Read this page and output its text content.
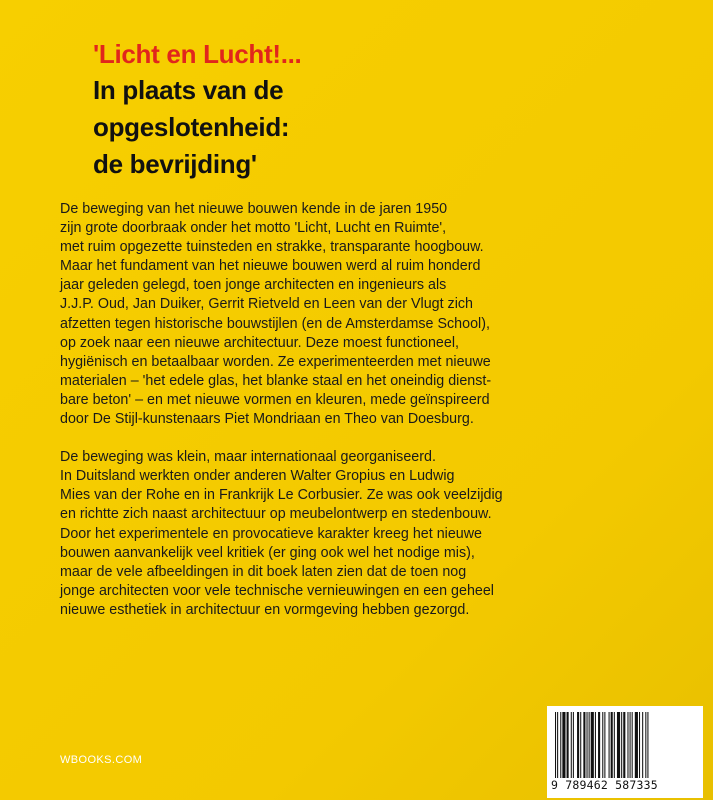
'Licht en Lucht!...
In plaats van de
opgeslotenheid:
de bevrijding'
De beweging van het nieuwe bouwen kende in de jaren 1950
zijn grote doorbraak onder het motto 'Licht, Lucht en Ruimte',
met ruim opgezette tuinsteden en strakke, transparante hoogbouw.
Maar het fundament van het nieuwe bouwen werd al ruim honderd
jaar geleden gelegd, toen jonge architecten en ingenieurs als
J.J.P. Oud, Jan Duiker, Gerrit Rietveld en Leen van der Vlugt zich
afzetten tegen historische bouwstijlen (en de Amsterdamse School),
op zoek naar een nieuwe architectuur. Deze moest functioneel,
hygiënisch en betaalbaar worden. Ze experimenteerden met nieuwe
materialen – 'het edele glas, het blanke staal en het oneindig dienst-
bare beton' – en met nieuwe vormen en kleuren, mede geïnspireerd
door De Stijl-kunstenaars Piet Mondriaan en Theo van Doesburg.
De beweging was klein, maar internationaal georganiseerd.
In Duitsland werkten onder anderen Walter Gropius en Ludwig
Mies van der Rohe en in Frankrijk Le Corbusier. Ze was ook veelzijdig
en richtte zich naast architectuur op meubelontwerp en stedenbouw.
Door het experimentele en provocatieve karakter kreeg het nieuwe
bouwen aanvankelijk veel kritiek (er ging ook wel het nodige mis),
maar de vele afbeeldingen in dit boek laten zien dat de toen nog
jonge architecten voor vele technische vernieuwingen en een geheel
nieuwe esthetiek in architectuur en vormgeving hebben gezorgd.
WBOOKS.COM
9 789462 587335
